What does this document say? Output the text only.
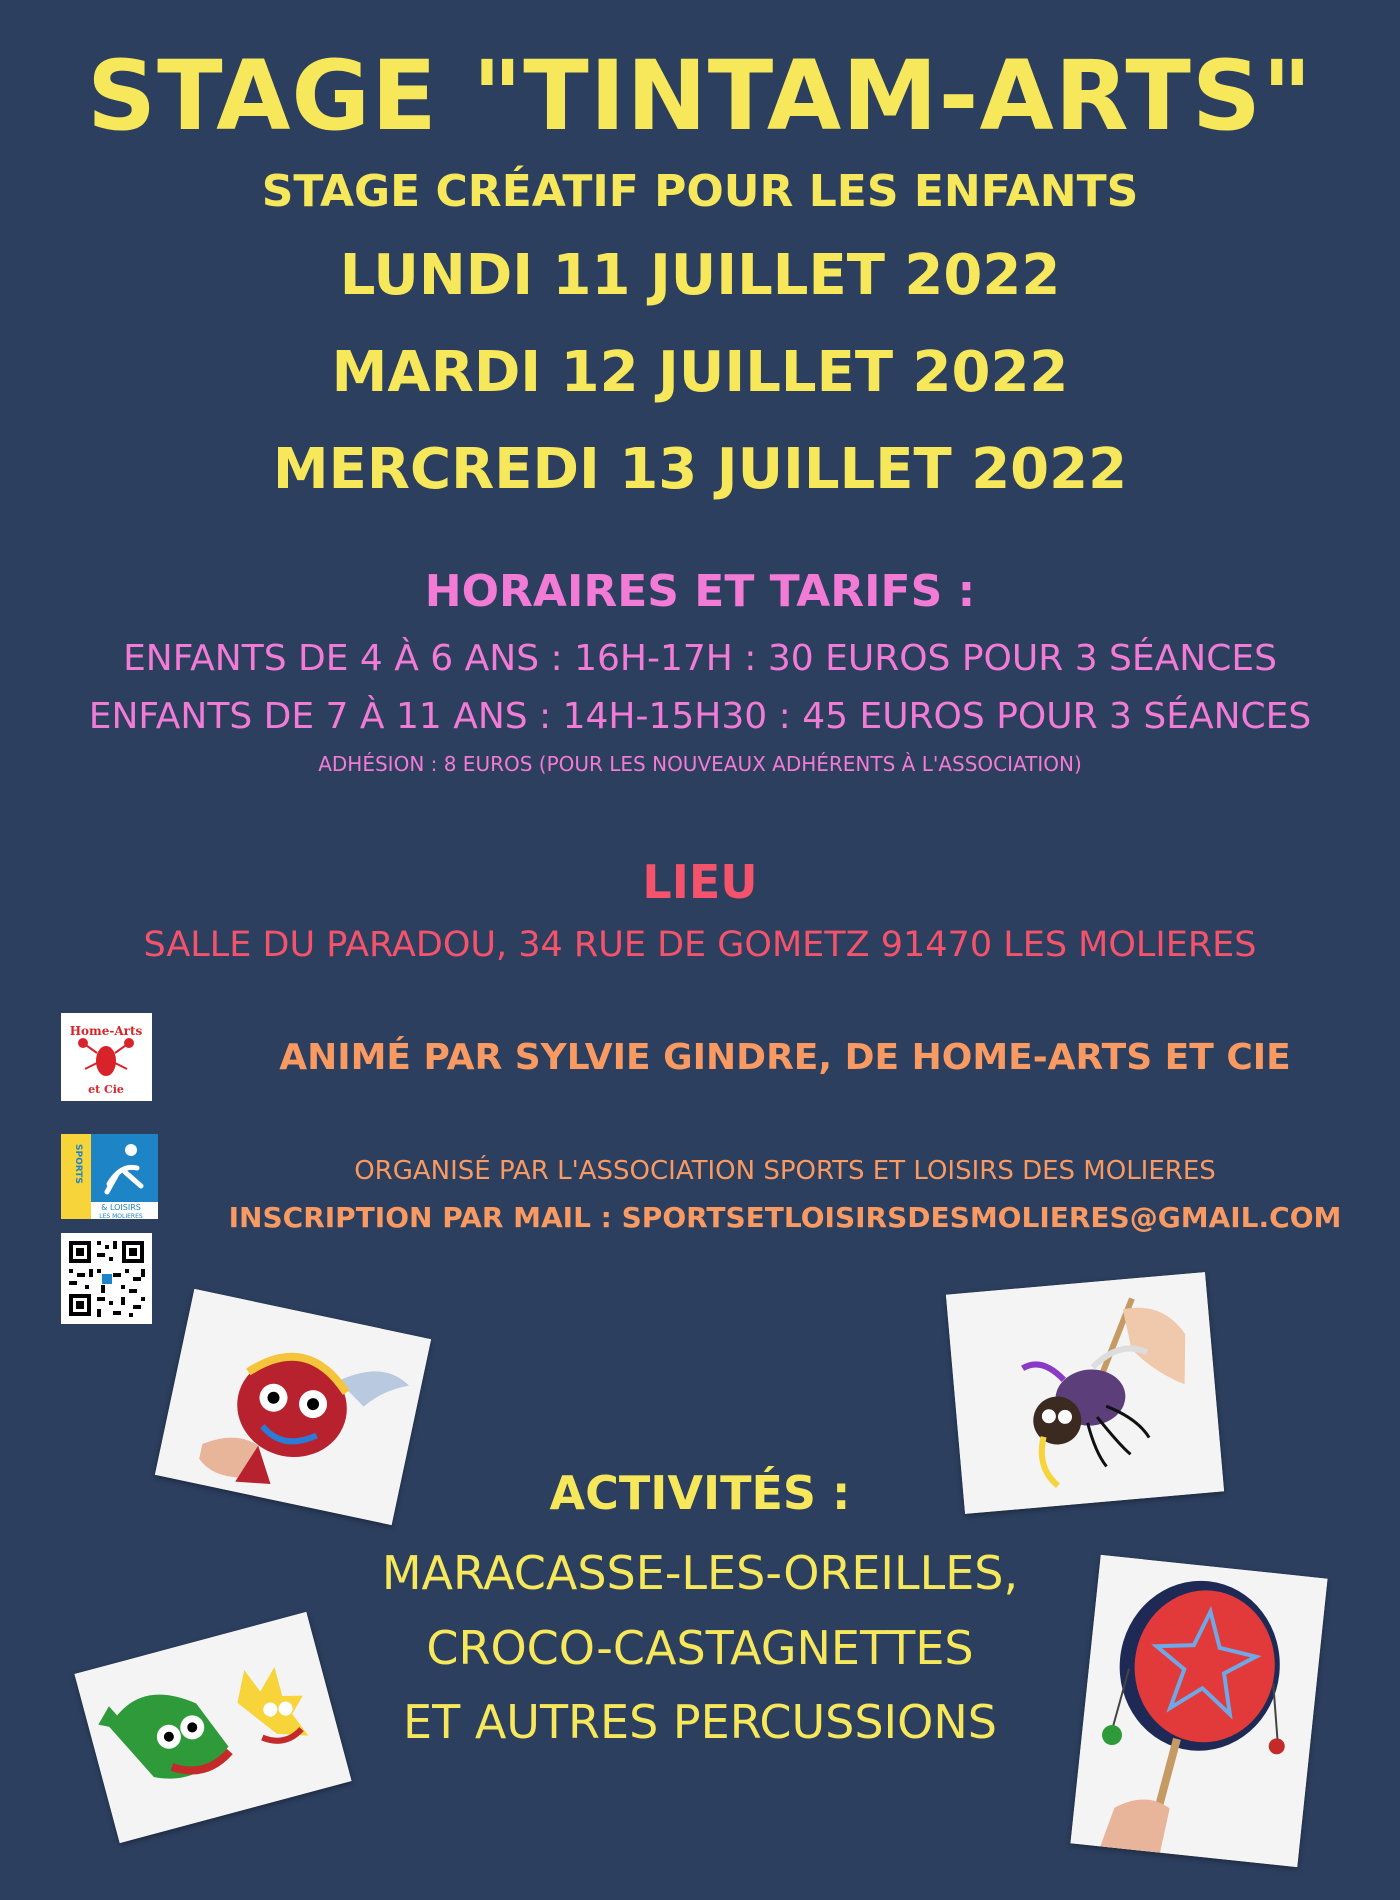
STAGE "TINTAM-ARTS"
STAGE CRÉATIF POUR LES ENFANTS
LUNDI 11 JUILLET 2022
MARDI 12 JUILLET 2022
MERCREDI 13 JUILLET 2022
HORAIRES ET TARIFS :
ENFANTS DE 4 À 6 ANS : 16H-17H : 30 EUROS POUR 3 SÉANCES
ENFANTS DE 7 À 11 ANS : 14H-15H30 : 45 EUROS POUR 3 SÉANCES
ADHÉSION : 8 EUROS (POUR LES NOUVEAUX ADHÉRENTS À L'ASSOCIATION)
LIEU
SALLE DU PARADOU, 34 RUE DE GOMETZ 91470 LES MOLIERES
Home-Arts
et Cie
SPORTS
& LOISIRS
LES MOLIERES
ANIMÉ PAR SYLVIE GINDRE, DE HOME-ARTS ET CIE
ORGANISÉ PAR L'ASSOCIATION SPORTS ET LOISIRS DES MOLIERES
INSCRIPTION PAR MAIL : SPORTSETLOISIRSDESMOLIERES@GMAIL.COM
ACTIVITÉS :
MARACASSE-LES-OREILLES,
CROCO-CASTAGNETTES
ET AUTRES PERCUSSIONS
